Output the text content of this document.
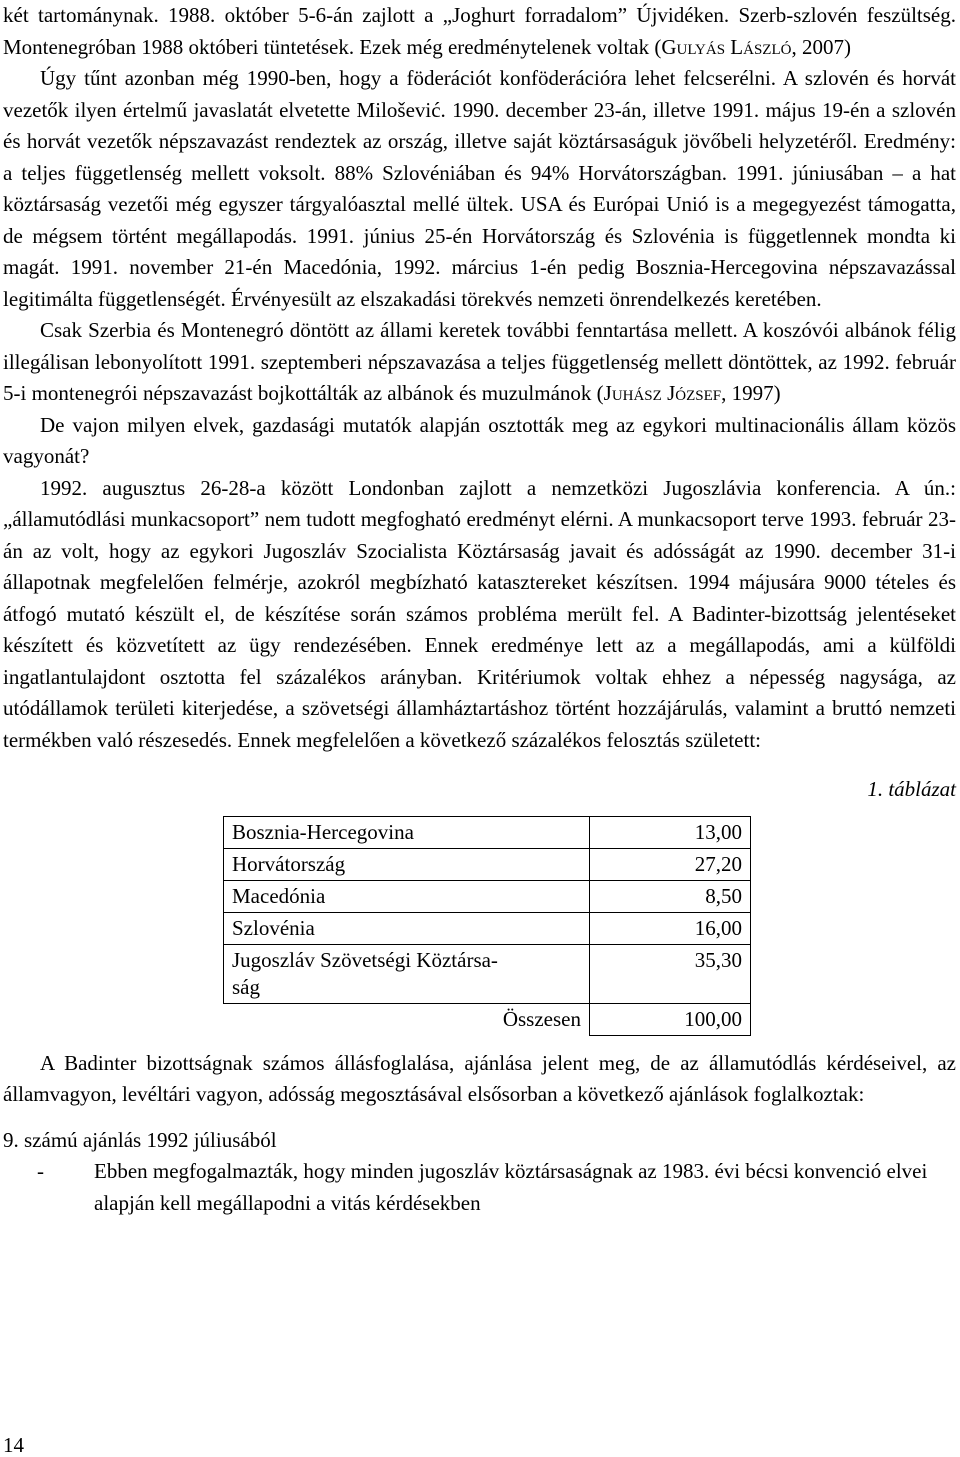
két tartománynak. 1988. október 5-6-án zajlott a „Joghurt forradalom” Újvidéken. Szerb-szlovén feszültség. Montenegróban 1988 októberi tüntetések. Ezek még eredménytelenek voltak (Gulyás László, 2007)

Úgy tűnt azonban még 1990-ben, hogy a föderációt konföderációra lehet felcserélni. A szlovén és horvát vezetők ilyen értelmű javaslatát elvetette Milošević. 1990. december 23-án, illetve 1991. május 19-én a szlovén és horvát vezetők népszavazást rendeztek az ország, illetve saját köztársaságuk jövőbeli helyzetéről. Eredmény: a teljes függetlenség mellett voksolt. 88% Szlovéniában és 94% Horvátországban. 1991. júniusában – a hat köztársaság vezetői még egyszer tárgyalóasztal mellé ültek. USA és Európai Unió is a megegyezést támogatta, de mégsem történt megállapodás. 1991. június 25-én Horvátország és Szlovénia is függetlennek mondta ki magát. 1991. november 21-én Macedónia, 1992. március 1-én pedig Bosznia-Hercegovina népszavazással legitimálta függetlenségét. Érvényesült az elszakadási törekvés nemzeti önrendelkezés keretében.

Csak Szerbia és Montenegró döntött az állami keretek további fenntartása mellett. A koszóvói albánok félig illegálisan lebonyolított 1991. szeptemberi népszavazása a teljes függetlenség mellett döntöttek, az 1992. február 5-i montenegrói népszavazást bojkottálták az albánok és muzulmánok (Juhász József, 1997)

De vajon milyen elvek, gazdasági mutatók alapján osztották meg az egykori multinacionális állam közös vagyonát?

1992. augusztus 26-28-a között Londonban zajlott a nemzetközi Jugoszlávia konferencia. A ún.: „államutódlási munkacsoport” nem tudott megfogható eredményt elérni. A munkacsoport terve 1993. február 23-án az volt, hogy az egykori Jugoszláv Szocialista Köztársaság javait és adósságát az 1990. december 31-i állapotnak megfelelően felmérje, azokról megbízható katasztereket készítsen. 1994 májusára 9000 tételes és átfogó mutató készült el, de készítése során számos probléma merült fel. A Badinter-bizottság jelentéseket készített és közvetített az ügy rendezésében. Ennek eredménye lett az a megállapodás, ami a külföldi ingatlantulajdont osztotta fel százalékos arányban. Kritériumok voltak ehhez a népesség nagysága, az utódállamok területi kiterjedése, a szövetségi államháztartáshoz történt hozzájárulás, valamint a bruttó nemzeti termékben való részesedés. Ennek megfelelően a következő százalékos felosztás született:

1. táblázat

Bosznia-Hercegovina	13,00
Horvátország	27,20
Macedónia	8,50
Szlovénia	16,00
Jugoszláv Szövetségi Köztársa-
ság	35,30
Összesen	100,00

A Badinter bizottságnak számos állásfoglalása, ajánlása jelent meg, de az államutódlás kérdéseivel, az államvagyon, levéltári vagyon, adósság megosztásával elsősorban a következő ajánlások foglalkoztak:

9. számú ajánlás 1992 júliusából

-	Ebben megfogalmazták, hogy minden jugoszláv köztársaságnak az 1983. évi bécsi konvenció elvei alapján kell megállapodni a vitás kérdésekben
14
